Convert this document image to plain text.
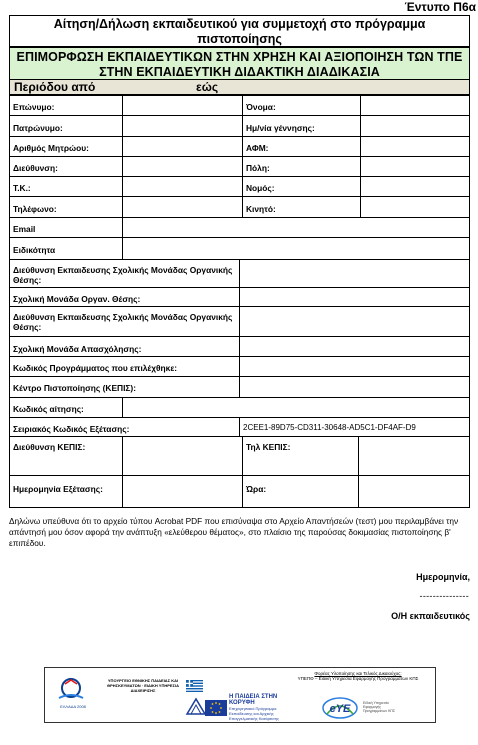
Έντυπο Π6α
Αίτηση/Δήλωση εκπαιδευτικού για συμμετοχή στο πρόγραμμα πιστοποίησης
ΕΠΙΜΟΡΦΩΣΗ ΕΚΠΑΙΔΕΥΤΙΚΩΝ ΣΤΗΝ ΧΡΗΣΗ ΚΑΙ ΑΞΙΟΠΟΙΗΣΗ ΤΩΝ ΤΠΕ ΣΤΗΝ ΕΚΠΑΙΔΕΥΤΙΚΗ ΔΙΔΑΚΤΙΚΗ ΔΙΑΔΙΚΑΣΙΑ
Περιόδου από	εώς
Επώνυμο:	Όνομα:
Πατρώνυμο:	Ημ/νία γέννησης:
Αριθμός Μητρώου:	ΑΦΜ:
Διεύθυνση:	Πόλη:
Τ.Κ.:	Νομός:
Τηλέφωνο:	Κινητό:
Email
Ειδικότητα
Διεύθυνση Εκπαιδευσης Σχολικής Μονάδας Οργανικής Θέσης:
Σχολική Μονάδα Οργαν. Θέσης:
Διεύθυνση Εκπαιδευσης Σχολικής Μονάδας Οργανικής Θέσης:
Σχολική Μονάδα Απασχόλησης:
Κωδικός Προγράμματος που επιλέχθηκε:
Κέντρο Πιστοποίησης (ΚΕΠΙΣ):
Κωδικός αίτησης:
Σειριακός Κωδικός Εξέτασης:	2CEE1-89D75-CD311-30648-AD5C1-DF4AF-D9
Διεύθυνση ΚΕΠΙΣ:	Τηλ ΚΕΠΙΣ:
Ημερομηνία Εξέτασης:	Ώρα:
Δηλώνω υπεύθυνα ότι το αρχείο τύπου Acrobat PDF που επισύναψα στο Αρχείο Απαντήσεών (τεστ) μου περιλαμβάνει την απάντησή μου όσον αφορά την ανάπτυξη «ελεύθερου θέματος», στο πλαίσιο της παρούσας δοκιμασίας πιστοποίησης β' επιπέδου.
Ημερομηνία,
---------------
Ο/Η εκπαιδευτικός
ΕΛΛΑΔΑ 2008
ΥΠΟΥΡΓΕΙΟ ΕΘΝΙΚΗΣ ΠΑΙΔΕΙΑΣ ΚΑΙ ΘΡΗΣΚΕΥΜΑΤΩΝ · ΕΙΔΙΚΗ ΥΠΗΡΕΣΙΑ ΔΙΑΧΕΙΡΙΣΗΣ
Η ΠΑΙΔΕΙΑ ΣΤΗΝ ΚΟΡΥΦΗ
Επιχειρησιακό Πρόγραμμα Εκπαίδευσης και Αρχικής Επαγγελματικής Κατάρτισης
Φορέας Υλοποίησης και Τελικός Δικαιούχος:
ΥΠΕΠΘ – Ειδική Υπηρεσία Εφαρμογής Προγραμμάτων ΚΠΣ
eYE	Ειδική Υπηρεσία Εφαρμογής Προγραμμάτων ΚΠΣ
